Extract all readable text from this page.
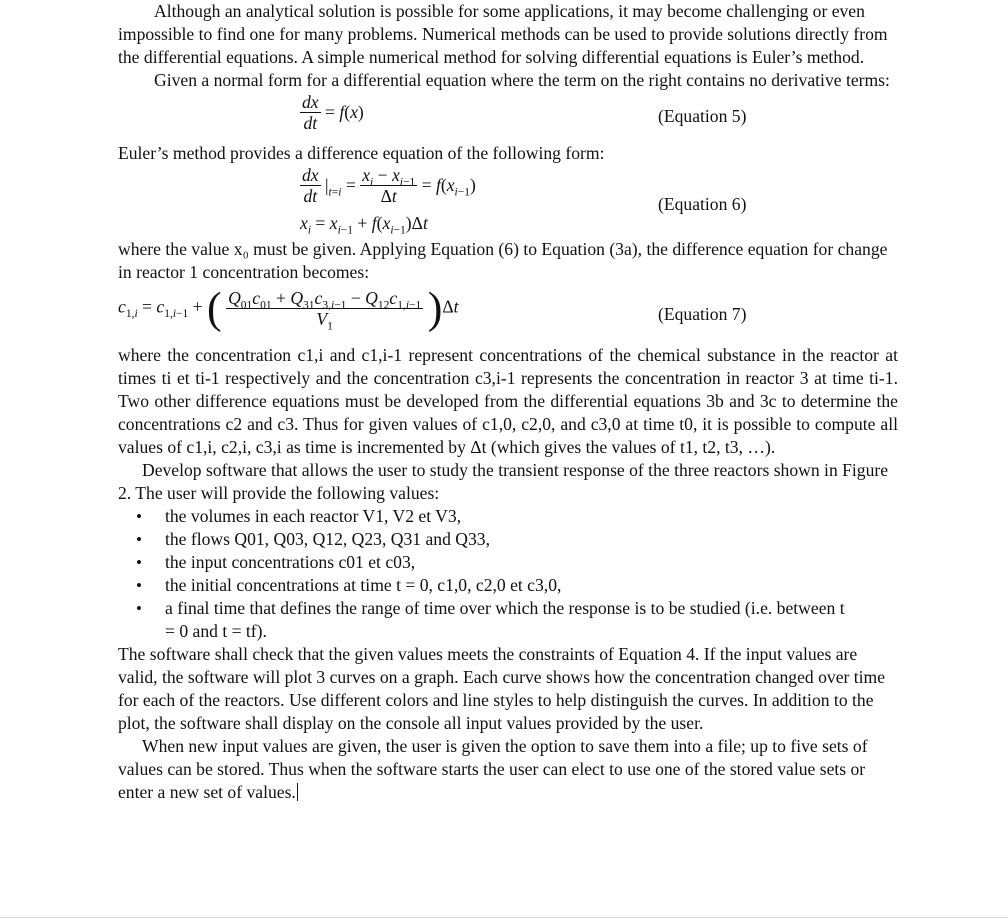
Although an analytical solution is possible for some applications, it may become challenging or even impossible to find one for many problems. Numerical methods can be used to provide solutions directly from the differential equations. A simple numerical method for solving differential equations is Euler’s method.

Given a normal form for a differential equation where the term on the right contains no derivative terms:

$\frac{dx}{dt} = f(x)$	(Equation 5)

Euler’s method provides a difference equation of the following form:

$\frac{dx}{dt} |_{t=i} = \frac{x_i - x_{i-1}}{\Delta t} = f(x_{i-1})$
(Equation 6)
$x_i = x_{i-1} + f(x_{i-1})\Delta t$

where the value x₀ must be given. Applying Equation (6) to Equation (3a), the difference equation for change in reactor 1 concentration becomes:

$c_{1,i} = c_{1,i-1}$ + ( $\frac{Q_{01}c_{01} + Q_{31}c_{3,i-1} - Q_{12}c_{1,i-1}}{V_1} )\Delta t$	(Equation 7)

where the concentration c1,i and c1,i-1 represent concentrations of the chemical substance in the reactor at times ti et ti-1 respectively and the concentration c3,i-1 represents the concentration in reactor 3 at time ti-1. Two other difference equations must be developed from the differential equations 3b and 3c to determine the concentrations c2 and c3. Thus for given values of c1,0, c2,0, and c3,0 at time t0, it is possible to compute all values of c1,i, c2,i, c3,i as time is incremented by Δt (which gives the values of t1, t2, t3, …).

Develop software that allows the user to study the transient response of the three reactors shown in Figure 2. The user will provide the following values:

• the volumes in each reactor V1, V2 et V3,
• the flows Q01, Q03, Q12, Q23, Q31 and Q33,
• the input concentrations c01 et c03,
• the initial concentrations at time t = 0, c1,0, c2,0 et c3,0,
• a final time that defines the range of time over which the response is to be studied (i.e. between t = 0 and t = tf).

The software shall check that the given values meets the constraints of Equation 4. If the input values are valid, the software will plot 3 curves on a graph. Each curve shows how the concentration changed over time for each of the reactors. Use different colors and line styles to help distinguish the curves. In addition to the plot, the software shall display on the console all input values provided by the user.

When new input values are given, the user is given the option to save them into a file; up to five sets of values can be stored. Thus when the software starts the user can elect to use one of the stored value sets or enter a new set of values.
